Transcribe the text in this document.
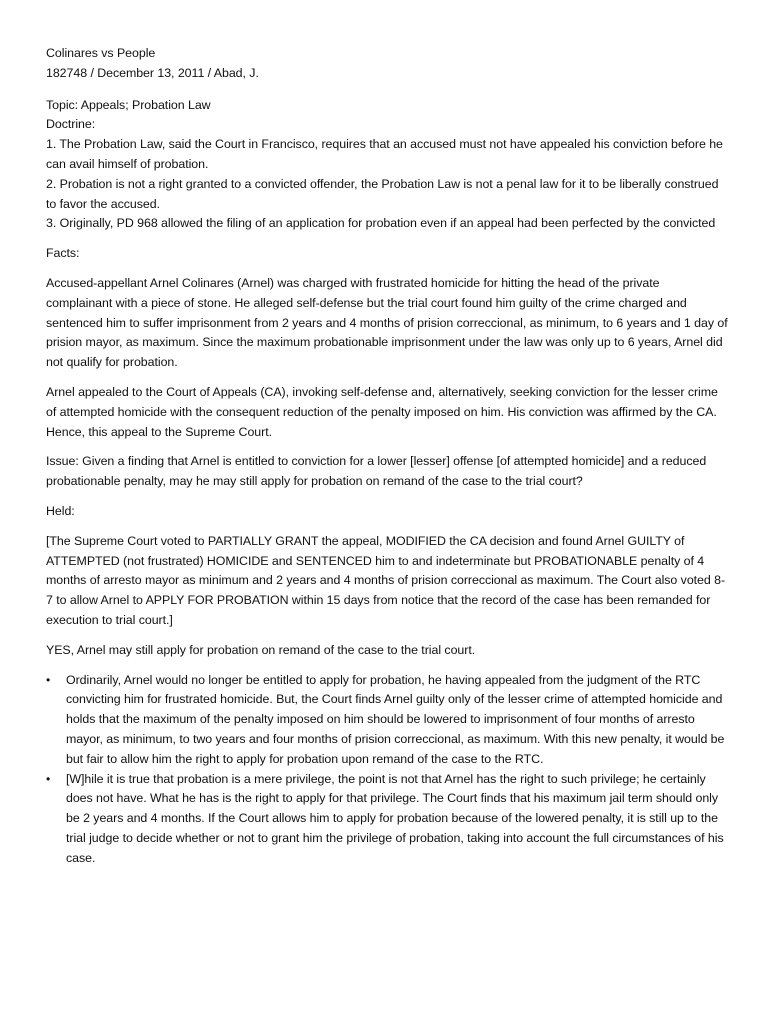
Colinares vs People

182748 / December 13, 2011 / Abad, J.

Topic: Appeals; Probation Law

Doctrine:

1. The Probation Law, said the Court in Francisco, requires that an accused must not have appealed his conviction before he can avail himself of probation.

2. Probation is not a right granted to a convicted offender, the Probation Law is not a penal law for it to be liberally construed to favor the accused.

3. Originally, PD 968 allowed the filing of an application for probation even if an appeal had been perfected by the convicted

Facts:

Accused-appellant Arnel Colinares (Arnel) was charged with frustrated homicide for hitting the head of the private complainant with a piece of stone. He alleged self-defense but the trial court found him guilty of the crime charged and sentenced him to suffer imprisonment from 2 years and 4 months of prision correccional, as minimum, to 6 years and 1 day of prision mayor, as maximum. Since the maximum probationable imprisonment under the law was only up to 6 years, Arnel did not qualify for probation.

Arnel appealed to the Court of Appeals (CA), invoking self-defense and, alternatively, seeking conviction for the lesser crime of attempted homicide with the consequent reduction of the penalty imposed on him. His conviction was affirmed by the CA. Hence, this appeal to the Supreme Court.

Issue: Given a finding that Arnel is entitled to conviction for a lower [lesser] offense [of attempted homicide] and a reduced probationable penalty, may he may still apply for probation on remand of the case to the trial court?

Held:

[The Supreme Court voted to PARTIALLY GRANT the appeal, MODIFIED the CA decision and found Arnel GUILTY of ATTEMPTED (not frustrated) HOMICIDE and SENTENCED him to and indeterminate but PROBATIONABLE penalty of 4 months of arresto mayor as minimum and 2 years and 4 months of prision correccional as maximum. The Court also voted 8-7 to allow Arnel to APPLY FOR PROBATION within 15 days from notice that the record of the case has been remanded for execution to trial court.]

YES, Arnel may still apply for probation on remand of the case to the trial court.

•	Ordinarily, Arnel would no longer be entitled to apply for probation, he having appealed from the judgment of the RTC convicting him for frustrated homicide. But, the Court finds Arnel guilty only of the lesser crime of attempted homicide and holds that the maximum of the penalty imposed on him should be lowered to imprisonment of four months of arresto mayor, as minimum, to two years and four months of prision correccional, as maximum. With this new penalty, it would be but fair to allow him the right to apply for probation upon remand of the case to the RTC.
•	[W]hile it is true that probation is a mere privilege, the point is not that Arnel has the right to such privilege; he certainly does not have. What he has is the right to apply for that privilege. The Court finds that his maximum jail term should only be 2 years and 4 months. If the Court allows him to apply for probation because of the lowered penalty, it is still up to the trial judge to decide whether or not to grant him the privilege of probation, taking into account the full circumstances of his case.
